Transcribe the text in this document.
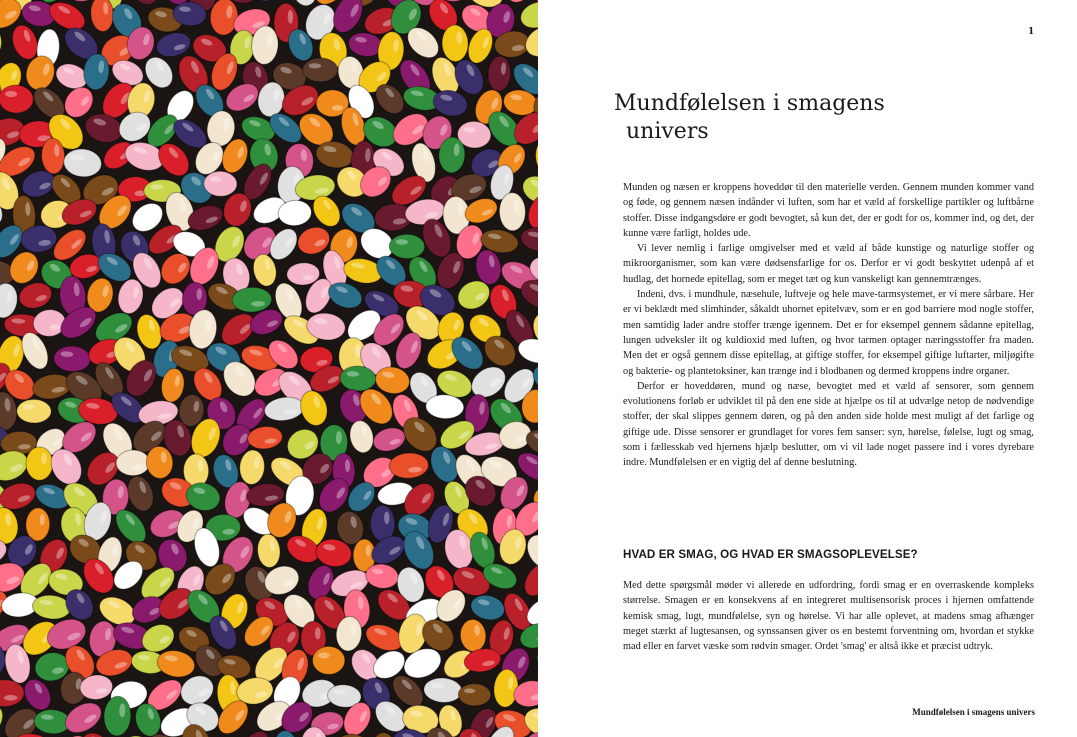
1
Mundfølelsen i smagens
univers

Munden og næsen er kroppens hoveddør til den materielle verden. Gennem munden kommer vand og føde, og gennem næsen indånder vi luften, som har et væld af forskellige partikler og luftbårne stoffer. Disse indgangsdøre er godt bevogtet, så kun det, der er godt for os, kommer ind, og det, der kunne være farligt, holdes ude.

Vi lever nemlig i farlige omgivelser med et væld af både kunstige og naturlige stoffer og mikroorganismer, som kan være dødsensfarlige for os. Derfor er vi godt beskyttet udenpå af et hudlag, det hornede epitellag, som er meget tæt og kun vanskeligt kan gennemtrænges.

Indeni, dvs. i mundhule, næsehule, luftveje og hele mave-tarmsystemet, er vi mere sårbare. Her er vi beklædt med slimhinder, såkaldt uhornet epitelvæv, som er en god barriere mod nogle stoffer, men samtidig lader andre stoffer trænge igennem. Det er for eksempel gennem sådanne epitellag, lungen udveksler ilt og kuldioxid med luften, og hvor tarmen optager næringsstoffer fra maden. Men det er også gennem disse epitellag, at giftige stoffer, for eksempel giftige luftarter, miljøgifte og bakterie- og plantetoksiner, kan trænge ind i blodbanen og dermed kroppens indre organer.

Derfor er hoveddøren, mund og næse, bevogtet med et væld af sensorer, som gennem evolutionens forløb er udviklet til på den ene side at hjælpe os til at udvælge netop de nødvendige stoffer, der skal slippes gennem døren, og på den anden side holde mest muligt af det farlige og giftige ude. Disse sensorer er grundlaget for vores fem sanser: syn, hørelse, følelse, lugt og smag, som i fællesskab ved hjernens hjælp beslutter, om vi vil lade noget passere ind i vores dyrebare indre. Mundfølelsen er en vigtig del af denne beslutning.

HVAD ER SMAG, OG HVAD ER SMAGSOPLEVELSE?

Med dette spørgsmål møder vi allerede en udfordring, fordi smag er en overraskende kompleks størrelse. Smagen er en konsekvens af en integreret multisensorisk proces i hjernen omfattende kemisk smag, lugt, mundfølelse, syn og hørelse. Vi har alle oplevet, at madens smag afhænger meget stærkt af lugtesansen, og synssansen giver os en bestemt forventning om, hvordan et stykke mad eller en farvet væske som rødvin smager. Ordet 'smag' er altså ikke et præcist udtryk.

Mundfølelsen i smagens univers
